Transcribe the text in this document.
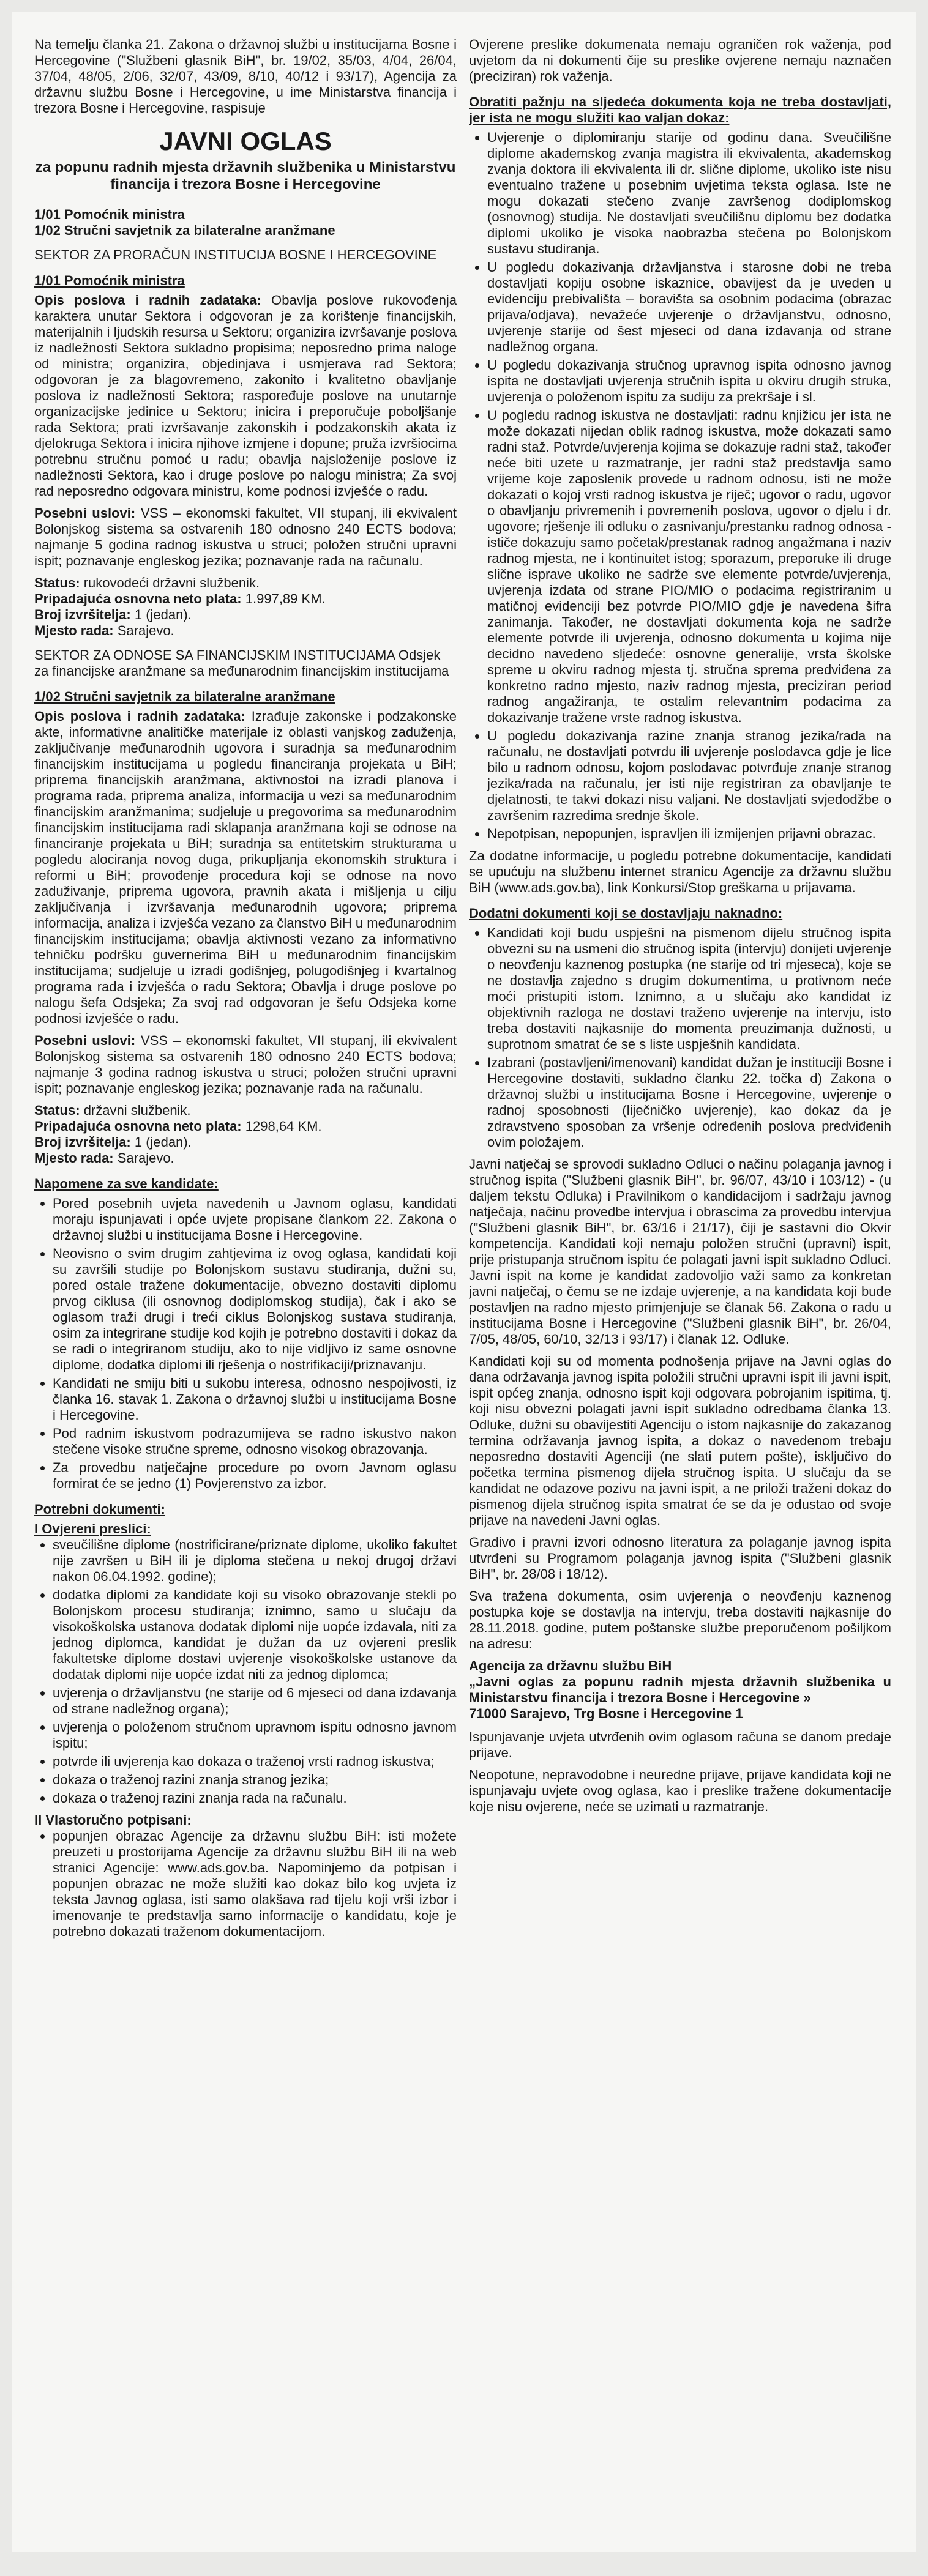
Na temelju članka 21. Zakona o državnoj službi u institucijama Bosne i Hercegovine ("Službeni glasnik BiH", br. 19/02, 35/03, 4/04, 26/04, 37/04, 48/05, 2/06, 32/07, 43/09, 8/10, 40/12 i 93/17), Agencija za državnu službu Bosne i Hercegovine, u ime Ministarstva financija i trezora Bosne i Hercegovine, raspisuje

JAVNI OGLAS
za popunu radnih mjesta državnih službenika u Ministarstvu financija i trezora Bosne i Hercegovine
1/01 Pomoćnik ministra
1/02 Stručni savjetnik za bilateralne aranžmane
SEKTOR ZA PRORAČUN INSTITUCIJA BOSNE I HERCEGOVINE
1/01 Pomoćnik ministra

Opis poslova i radnih zadataka: Obavlja poslove rukovođenja karaktera unutar Sektora i odgovoran je za korištenje financijskih, materijalnih i ljudskih resursa u Sektoru; organizira izvršavanje poslova iz nadležnosti Sektora sukladno propisima; neposredno prima naloge od ministra; organizira, objedinjava i usmjerava rad Sektora; odgovoran je za blagovremeno, zakonito i kvalitetno obavljanje poslova iz nadležnosti Sektora; raspoređuje poslove na unutarnje organizacijske jedinice u Sektoru; inicira i preporučuje poboljšanje rada Sektora; prati izvršavanje zakonskih i podzakonskih akata iz djelokruga Sektora i inicira njihove izmjene i dopune; pruža izvršiocima potrebnu stručnu pomoć u radu; obavlja najsloženije poslove iz nadležnosti Sektora, kao i druge poslove po nalogu ministra; Za svoj rad neposredno odgovara ministru, kome podnosi izvješće o radu.

Posebni uslovi: VSS – ekonomski fakultet, VII stupanj, ili ekvivalent Bolonjskog sistema sa ostvarenih 180 odnosno 240 ECTS bodova; najmanje 5 godina radnog iskustva u struci; položen stručni upravni ispit; poznavanje engleskog jezika; poznavanje rada na računalu.

Status: rukovodeći državni službenik.
Pripadajuća osnovna neto plata: 1.997,89 KM.
Broj izvršitelja: 1 (jedan).
Mjesto rada: Sarajevo.
SEKTOR ZA ODNOSE SA FINANCIJSKIM INSTITUCIJAMA Odsjek za financijske aranžmane sa međunarodnim financijskim institucijama
1/02 Stručni savjetnik za bilateralne aranžmane

Opis poslova i radnih zadataka: Izrađuje zakonske i podzakonske akte, informativne analitičke materijale iz oblasti vanjskog zaduženja, zaključivanje međunarodnih ugovora i suradnja sa međunarodnim financijskim institucijama u pogledu financiranja projekata u BiH; priprema financijskih aranžmana, aktivnostoi na izradi planova i programa rada, priprema analiza, informacija u vezi sa međunarodnim financijskim aranžmanima; sudjeluje u pregovorima sa međunarodnim financijskim institucijama radi sklapanja aranžmana koji se odnose na financiranje projekata u BiH; suradnja sa entitetskim strukturama u pogledu alociranja novog duga, prikupljanja ekonomskih struktura i reformi u BiH; provođenje procedura koji se odnose na novo zaduživanje, priprema ugovora, pravnih akata i mišljenja u cilju zaključivanja i izvršavanja međunarodnih ugovora; priprema informacija, analiza i izvješća vezano za članstvo BiH u međunarodnim financijskim institucijama; obavlja aktivnosti vezano za informativno tehničku podršku guvernerima BiH u međunarodnim financijskim institucijama; sudjeluje u izradi godišnjeg, polugodišnjeg i kvartalnog programa rada i izvješća o radu Sektora; Obavlja i druge poslove po nalogu šefa Odsjeka; Za svoj rad odgovoran je šefu Odsjeka kome podnosi izvješće o radu.

Posebni uslovi: VSS – ekonomski fakultet, VII stupanj, ili ekvivalent Bolonjskog sistema sa ostvarenih 180 odnosno 240 ECTS bodova; najmanje 3 godina radnog iskustva u struci; položen stručni upravni ispit; poznavanje engleskog jezika; poznavanje rada na računalu.

Status: državni službenik.
Pripadajuća osnovna neto plata: 1298,64 KM.
Broj izvršitelja: 1 (jedan).
Mjesto rada: Sarajevo.
Napomene za sve kandidate:
• Pored posebnih uvjeta navedenih u Javnom oglasu, kandidati moraju ispunjavati i opće uvjete propisane člankom 22. Zakona o državnoj službi u institucijama Bosne i Hercegovine.
• Neovisno o svim drugim zahtjevima iz ovog oglasa, kandidati koji su završili studije po Bolonjskom sustavu studiranja, dužni su, pored ostale tražene dokumentacije, obvezno dostaviti diplomu prvog ciklusa (ili osnovnog dodiplomskog studija), čak i ako se oglasom traži drugi i treći ciklus Bolonjskog sustava studiranja, osim za integrirane studije kod kojih je potrebno dostaviti i dokaz da se radi o integriranom studiju, ako to nije vidljivo iz same osnovne diplome, dodatka diplomi ili rješenja o nostrifikaciji/priznavanju.
• Kandidati ne smiju biti u sukobu interesa, odnosno nespojivosti, iz članka 16. stavak 1. Zakona o državnoj službi u institucijama Bosne i Hercegovine.
• Pod radnim iskustvom podrazumijeva se radno iskustvo nakon stečene visoke stručne spreme, odnosno visokog obrazovanja.
• Za provedbu natječajne procedure po ovom Javnom oglasu formirat će se jedno (1) Povjerenstvo za izbor.
Potrebni dokumenti:
I Ovjereni preslici:
• sveučilišne diplome (nostrificirane/priznate diplome, ukoliko fakultet nije završen u BiH ili je diploma stečena u nekoj drugoj državi nakon 06.04.1992. godine);
• dodatka diplomi za kandidate koji su visoko obrazovanje stekli po Bolonjskom procesu studiranja; iznimno, samo u slučaju da visokoškolska ustanova dodatak diplomi nije uopće izdavala, niti za jednog diplomca, kandidat je dužan da uz ovjereni preslik fakultetske diplome dostavi uvjerenje visokoškolske ustanove da dodatak diplomi nije uopće izdat niti za jednog diplomca;
• uvjerenja o državljanstvu (ne starije od 6 mjeseci od dana izdavanja od strane nadležnog organa);
• uvjerenja o položenom stručnom upravnom ispitu odnosno javnom ispitu;
• potvrde ili uvjerenja kao dokaza o traženoj vrsti radnog iskustva;
• dokaza o traženoj razini znanja stranog jezika;
• dokaza o traženoj razini znanja rada na računalu.
II Vlastoručno potpisani:
• popunjen obrazac Agencije za državnu službu BiH: isti možete preuzeti u prostorijama Agencije za državnu službu BiH ili na web stranici Agencije: www.ads.gov.ba. Napominjemo da potpisan i popunjen obrazac ne može služiti kao dokaz bilo kog uvjeta iz teksta Javnog oglasa, isti samo olakšava rad tijelu koji vrši izbor i imenovanje te predstavlja samo informacije o kandidatu, koje je potrebno dokazati traženom dokumentacijom.

Ovjerene preslike dokumenata nemaju ograničen rok važenja, pod uvjetom da ni dokumenti čije su preslike ovjerene nemaju naznačen (preciziran) rok važenja.

Obratiti pažnju na sljedeća dokumenta koja ne treba dostavljati, jer ista ne mogu služiti kao valjan dokaz:
• Uvjerenje o diplomiranju starije od godinu dana. Sveučilišne diplome akademskog zvanja magistra ili ekvivalenta, akademskog zvanja doktora ili ekvivalenta ili dr. slične diplome, ukoliko iste nisu eventualno tražene u posebnim uvjetima teksta oglasa. Iste ne mogu dokazati stečeno zvanje završenog dodiplomskog (osnovnog) studija. Ne dostavljati sveučilišnu diplomu bez dodatka diplomi ukoliko je visoka naobrazba stečena po Bolonjskom sustavu studiranja.
• U pogledu dokazivanja državljanstva i starosne dobi ne treba dostavljati kopiju osobne iskaznice, obavijest da je uveden u evidenciju prebivališta – boravišta sa osobnim podacima (obrazac prijava/odjava), nevažeće uvjerenje o državljanstvu, odnosno, uvjerenje starije od šest mjeseci od dana izdavanja od strane nadležnog organa.
• U pogledu dokazivanja stručnog upravnog ispita odnosno javnog ispita ne dostavljati uvjerenja stručnih ispita u okviru drugih struka, uvjerenja o položenom ispitu za sudiju za prekršaje i sl.
• U pogledu radnog iskustva ne dostavljati: radnu knjižicu jer ista ne može dokazati nijedan oblik radnog iskustva, može dokazati samo radni staž. Potvrde/uvjerenja kojima se dokazuje radni staž, također neće biti uzete u razmatranje, jer radni staž predstavlja samo vrijeme koje zaposlenik provede u radnom odnosu, isti ne može dokazati o kojoj vrsti radnog iskustva je riječ; ugovor o radu, ugovor o obavljanju privremenih i povremenih poslova, ugovor o djelu i dr. ugovore; rješenje ili odluku o zasnivanju/prestanku radnog odnosa - ističe dokazuju samo početak/prestanak radnog angažmana i naziv radnog mjesta, ne i kontinuitet istog; sporazum, preporuke ili druge slične isprave ukoliko ne sadrže sve elemente potvrde/uvjerenja, uvjerenja izdata od strane PIO/MIO o podacima registriranim u matičnoj evidenciji bez potvrde PIO/MIO gdje je navedena šifra zanimanja. Također, ne dostavljati dokumenta koja ne sadrže elemente potvrde ili uvjerenja, odnosno dokumenta u kojima nije decidno navedeno sljedeće: osnovne generalije, vrsta školske spreme u okviru radnog mjesta tj. stručna sprema predviđena za konkretno radno mjesto, naziv radnog mjesta, preciziran period radnog angažiranja, te ostalim relevantnim podacima za dokazivanje tražene vrste radnog iskustva.
• U pogledu dokazivanja razine znanja stranog jezika/rada na računalu, ne dostavljati potvrdu ili uvjerenje poslodavca gdje je lice bilo u radnom odnosu, kojom poslodavac potvrđuje znanje stranog jezika/rada na računalu, jer isti nije registriran za obavljanje te djelatnosti, te takvi dokazi nisu valjani. Ne dostavljati svjedodžbe o završenim razredima srednje škole.
• Nepotpisan, nepopunjen, ispravljen ili izmijenjen prijavni obrazac.

Za dodatne informacije, u pogledu potrebne dokumentacije, kandidati se upućuju na službenu internet stranicu Agencije za državnu službu BiH (www.ads.gov.ba), link Konkursi/Stop greškama u prijavama.

Dodatni dokumenti koji se dostavljaju naknadno:
• Kandidati koji budu uspješni na pismenom dijelu stručnog ispita obvezni su na usmeni dio stručnog ispita (intervju) donijeti uvjerenje o neovđenju kaznenog postupka (ne starije od tri mjeseca), koje se ne dostavlja zajedno s drugim dokumentima, u protivnom neće moći pristupiti istom. Iznimno, a u slučaju ako kandidat iz objektivnih razloga ne dostavi traženo uvjerenje na intervju, isto treba dostaviti najkasnije do momenta preuzimanja dužnosti, u suprotnom smatrat će se s liste uspješnih kandidata.
• Izabrani (postavljeni/imenovani) kandidat dužan je instituciji Bosne i Hercegovine dostaviti, sukladno članku 22. točka d) Zakona o državnoj službi u institucijama Bosne i Hercegovine, uvjerenje o radnoj sposobnosti (liječničko uvjerenje), kao dokaz da je zdravstveno sposoban za vršenje određenih poslova predviđenih ovim položajem.

Javni natječaj se sprovodi sukladno Odluci o načinu polaganja javnog i stručnog ispita ("Službeni glasnik BiH", br. 96/07, 43/10 i 103/12) - (u daljem tekstu Odluka) i Pravilnikom o kandidacijom i sadržaju javnog natječaja, načinu provedbe intervjua i obrascima za provedbu intervjua ("Službeni glasnik BiH", br. 63/16 i 21/17), čiji je sastavni dio Okvir kompetencija. Kandidati koji nemaju položen stručni (upravni) ispit, prije pristupanja stručnom ispitu će polagati javni ispit sukladno Odluci. Javni ispit na kome je kandidat zadovoljio važi samo za konkretan javni natječaj, o čemu se ne izdaje uvjerenje, a na kandidata koji bude postavljen na radno mjesto primjenjuje se članak 56. Zakona o radu u institucijama Bosne i Hercegovine ("Službeni glasnik BiH", br. 26/04, 7/05, 48/05, 60/10, 32/13 i 93/17) i članak 12. Odluke.

Kandidati koji su od momenta podnošenja prijave na Javni oglas do dana održavanja javnog ispita položili stručni upravni ispit ili javni ispit, ispit općeg znanja, odnosno ispit koji odgovara pobrojanim ispitima, tj. koji nisu obvezni polagati javni ispit sukladno odredbama članka 13. Odluke, dužni su obavijestiti Agenciju o istom najkasnije do zakazanog termina održavanja javnog ispita, a dokaz o navedenom trebaju neposredno dostaviti Agenciji (ne slati putem pošte), isključivo do početka termina pismenog dijela stručnog ispita. U slučaju da se kandidat ne odazove pozivu na javni ispit, a ne priloži traženi dokaz do pismenog dijela stručnog ispita smatrat će se da je odustao od svoje prijave na navedeni Javni oglas.

Gradivo i pravni izvori odnosno literatura za polaganje javnog ispita utvrđeni su Programom polaganja javnog ispita ("Službeni glasnik BiH", br. 28/08 i 18/12).

Sva tražena dokumenta, osim uvjerenja o neovđenju kaznenog postupka koje se dostavlja na intervju, treba dostaviti najkasnije do 28.11.2018. godine, putem poštanske službe preporučenom pošiljkom na adresu:

Agencija za državnu službu BiH
„Javni oglas za popunu radnih mjesta državnih službenika u Ministarstvu financija i trezora Bosne i Hercegovine »
71000 Sarajevo, Trg Bosne i Hercegovine 1

Ispunjavanje uvjeta utvrđenih ovim oglasom računa se danom predaje prijave.

Neopotune, nepravodobne i neuredne prijave, prijave kandidata koji ne ispunjavaju uvjete ovog oglasa, kao i preslike tražene dokumentacije koje nisu ovjerene, neće se uzimati u razmatranje.
